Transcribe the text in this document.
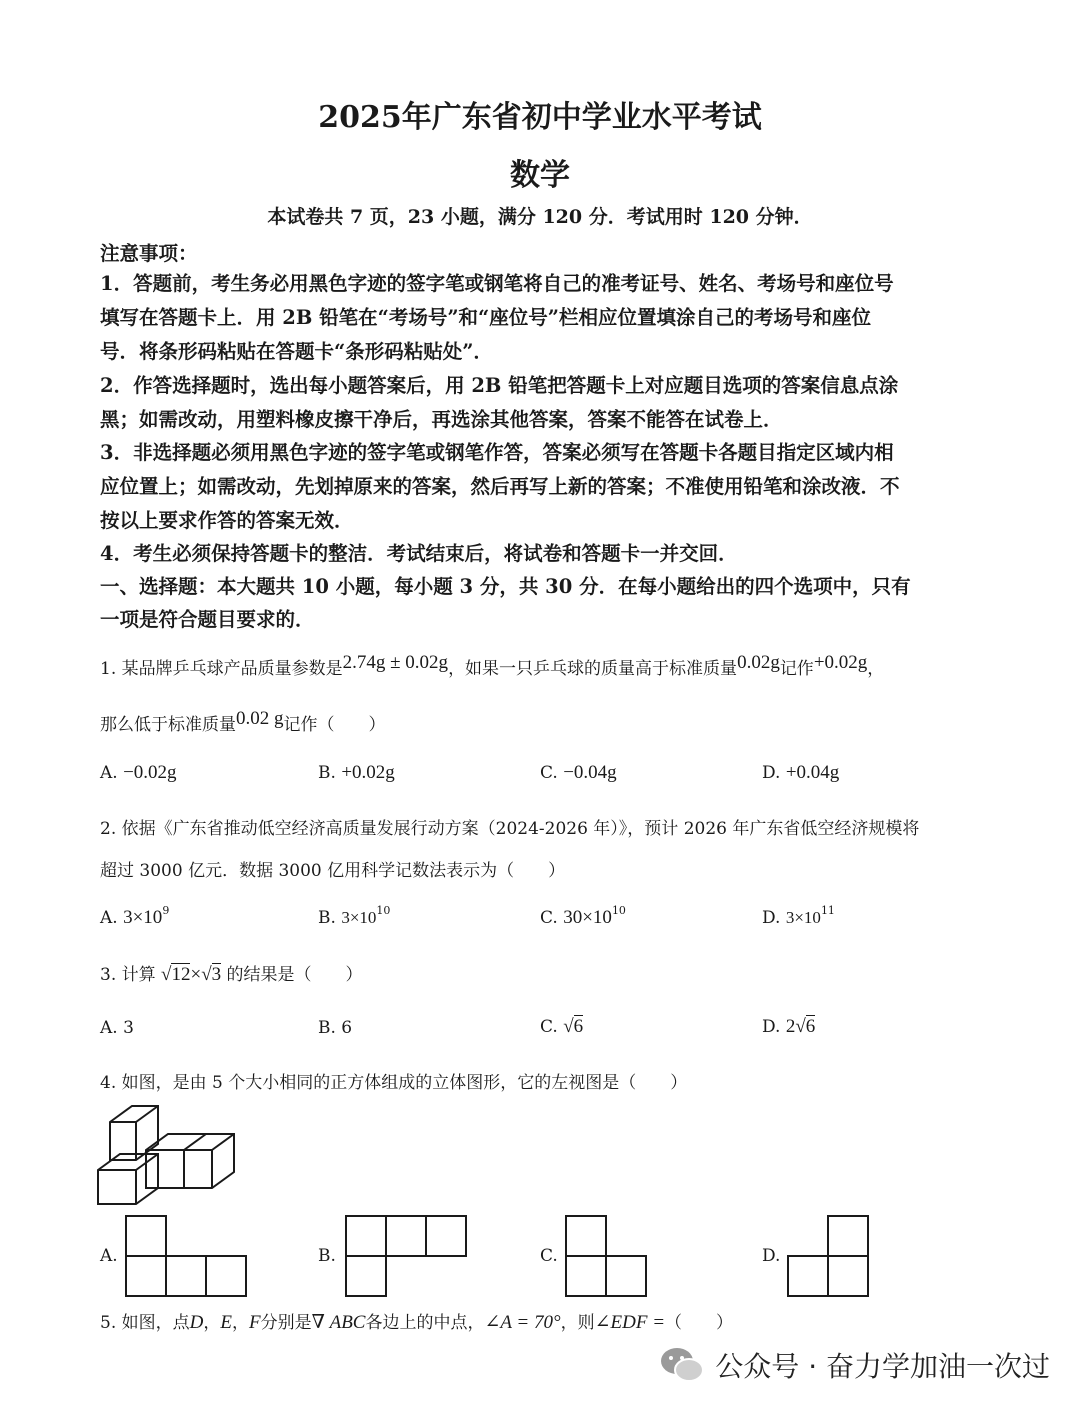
2025年广东省初中学业水平考试
数学
本试卷共 7 页，23 小题，满分 120 分．考试用时 120 分钟．
注意事项：
1．答题前，考生务必用黑色字迹的签字笔或钢笔将自己的准考证号、姓名、考场号和座位号
填写在答题卡上．用 2B 铅笔在“考场号”和“座位号”栏相应位置填涂自己的考场号和座位
号．将条形码粘贴在答题卡“条形码粘贴处”．
2．作答选择题时，选出每小题答案后，用 2B 铅笔把答题卡上对应题目选项的答案信息点涂
黑；如需改动，用塑料橡皮擦干净后，再选涂其他答案，答案不能答在试卷上．
3．非选择题必须用黑色字迹的签字笔或钢笔作答，答案必须写在答题卡各题目指定区域内相
应位置上；如需改动，先划掉原来的答案，然后再写上新的答案；不准使用铅笔和涂改液．不
按以上要求作答的答案无效．
4．考生必须保持答题卡的整洁．考试结束后，将试卷和答题卡一并交回．
一、选择题：本大题共 10 小题，每小题 3 分，共 30 分．在每小题给出的四个选项中，只有
一项是符合题目要求的．
1. 某品牌乒乓球产品质量参数是2.74g ± 0.02g，如果一只乒乓球的质量高于标准质量0.02g记作+0.02g，
那么低于标准质量0.02 g记作（　　）
A. −0.02g	B. +0.02g	C. −0.04g	D. +0.04g
2. 依据《广东省推动低空经济高质量发展行动方案（2024-2026 年）》，预计 2026 年广东省低空经济规模将
超过 3000 亿元．数据 3000 亿用科学记数法表示为（　　）
A. $3\times 10^9$	B. $3\times 10^{10}$	C. $30\times 10^{10}$	D. $3\times 10^{11}$
3. 计算 √12×√3 的结果是（　　）
A. 3	B. 6	C. √6	D. 2√6
4. 如图，是由 5 个大小相同的正方体组成的立体图形，它的左视图是（　　）
A.	B.	C.	D.
5. 如图，点D，E，F分别是∇ ABC各边上的中点，∠A = 70°，则∠EDF =（　　）
公众号 · 奋力学加油一次过
